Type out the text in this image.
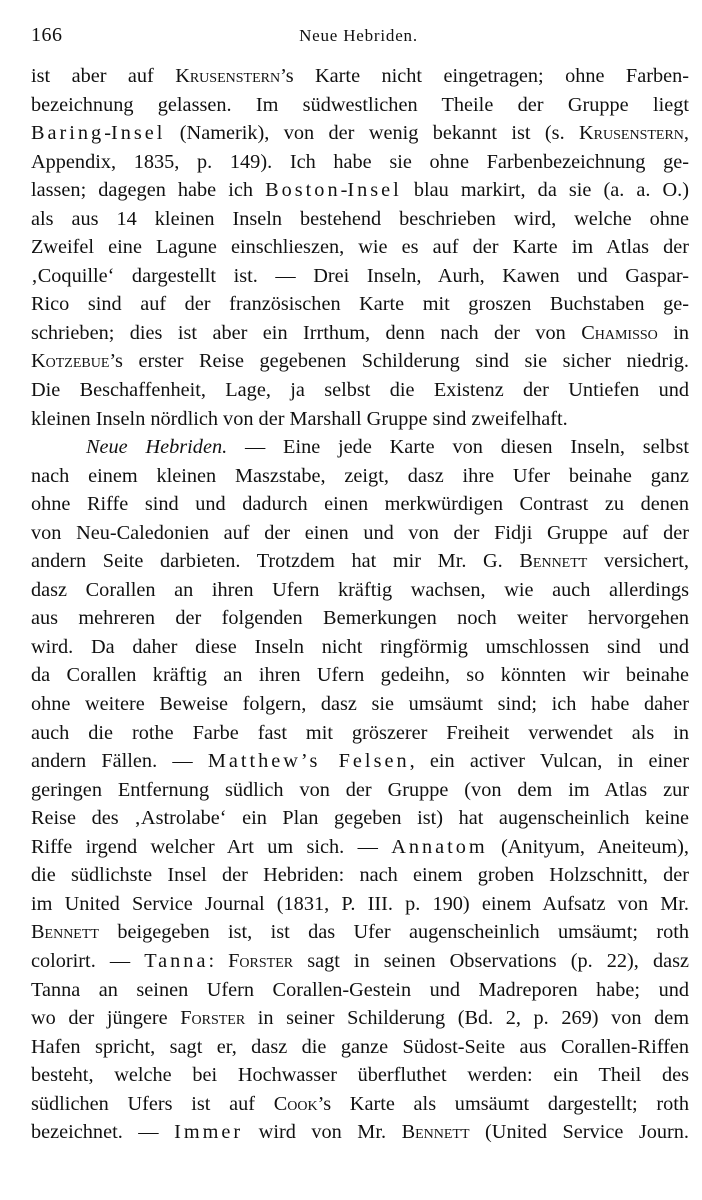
166	Neue Hebriden.
ist aber auf Krusenstern’s Karte nicht eingetragen; ohne Farben-
bezeichnung gelassen. Im südwestlichen Theile der Gruppe liegt
Baring-Insel (Namerik), von der wenig bekannt ist (s. Krusenstern,
Appendix, 1835, p. 149). Ich habe sie ohne Farbenbezeichnung ge-
lassen; dagegen habe ich Boston-Insel blau markirt, da sie (a. a. O.)
als aus 14 kleinen Inseln bestehend beschrieben wird, welche ohne
Zweifel eine Lagune einschlieszen, wie es auf der Karte im Atlas der
‚Coquille‘ dargestellt ist. — Drei Inseln, Aurh, Kawen und Gaspar-
Rico sind auf der französischen Karte mit groszen Buchstaben ge-
schrieben; dies ist aber ein Irrthum, denn nach der von Chamisso in
Kotzebue’s erster Reise gegebenen Schilderung sind sie sicher niedrig.
Die Beschaffenheit, Lage, ja selbst die Existenz der Untiefen und
kleinen Inseln nördlich von der Marshall Gruppe sind zweifelhaft.
Neue Hebriden. — Eine jede Karte von diesen Inseln, selbst
nach einem kleinen Maszstabe, zeigt, dasz ihre Ufer beinahe ganz
ohne Riffe sind und dadurch einen merkwürdigen Contrast zu denen
von Neu-Caledonien auf der einen und von der Fidji Gruppe auf der
andern Seite darbieten. Trotzdem hat mir Mr. G. Bennett versichert,
dasz Corallen an ihren Ufern kräftig wachsen, wie auch allerdings
aus mehreren der folgenden Bemerkungen noch weiter hervorgehen
wird. Da daher diese Inseln nicht ringförmig umschlossen sind und
da Corallen kräftig an ihren Ufern gedeihn, so könnten wir beinahe
ohne weitere Beweise folgern, dasz sie umsäumt sind; ich habe daher
auch die rothe Farbe fast mit gröszerer Freiheit verwendet als in
andern Fällen. — Matthew’s Felsen, ein activer Vulcan, in einer
geringen Entfernung südlich von der Gruppe (von dem im Atlas zur
Reise des ‚Astrolabe‘ ein Plan gegeben ist) hat augenscheinlich keine
Riffe irgend welcher Art um sich. — Annatom (Anityum, Aneiteum),
die südlichste Insel der Hebriden: nach einem groben Holzschnitt, der
im United Service Journal (1831, P. III. p. 190) einem Aufsatz von Mr.
Bennett beigegeben ist, ist das Ufer augenscheinlich umsäumt; roth
colorirt. — Tanna: Forster sagt in seinen Observations (p. 22), dasz
Tanna an seinen Ufern Corallen-Gestein und Madreporen habe; und
wo der jüngere Forster in seiner Schilderung (Bd. 2, p. 269) von dem
Hafen spricht, sagt er, dasz die ganze Südost-Seite aus Corallen-Riffen
besteht, welche bei Hochwasser überfluthet werden: ein Theil des
südlichen Ufers ist auf Cook’s Karte als umsäumt dargestellt; roth
bezeichnet. — Immer wird von Mr. Bennett (United Service Journ.
